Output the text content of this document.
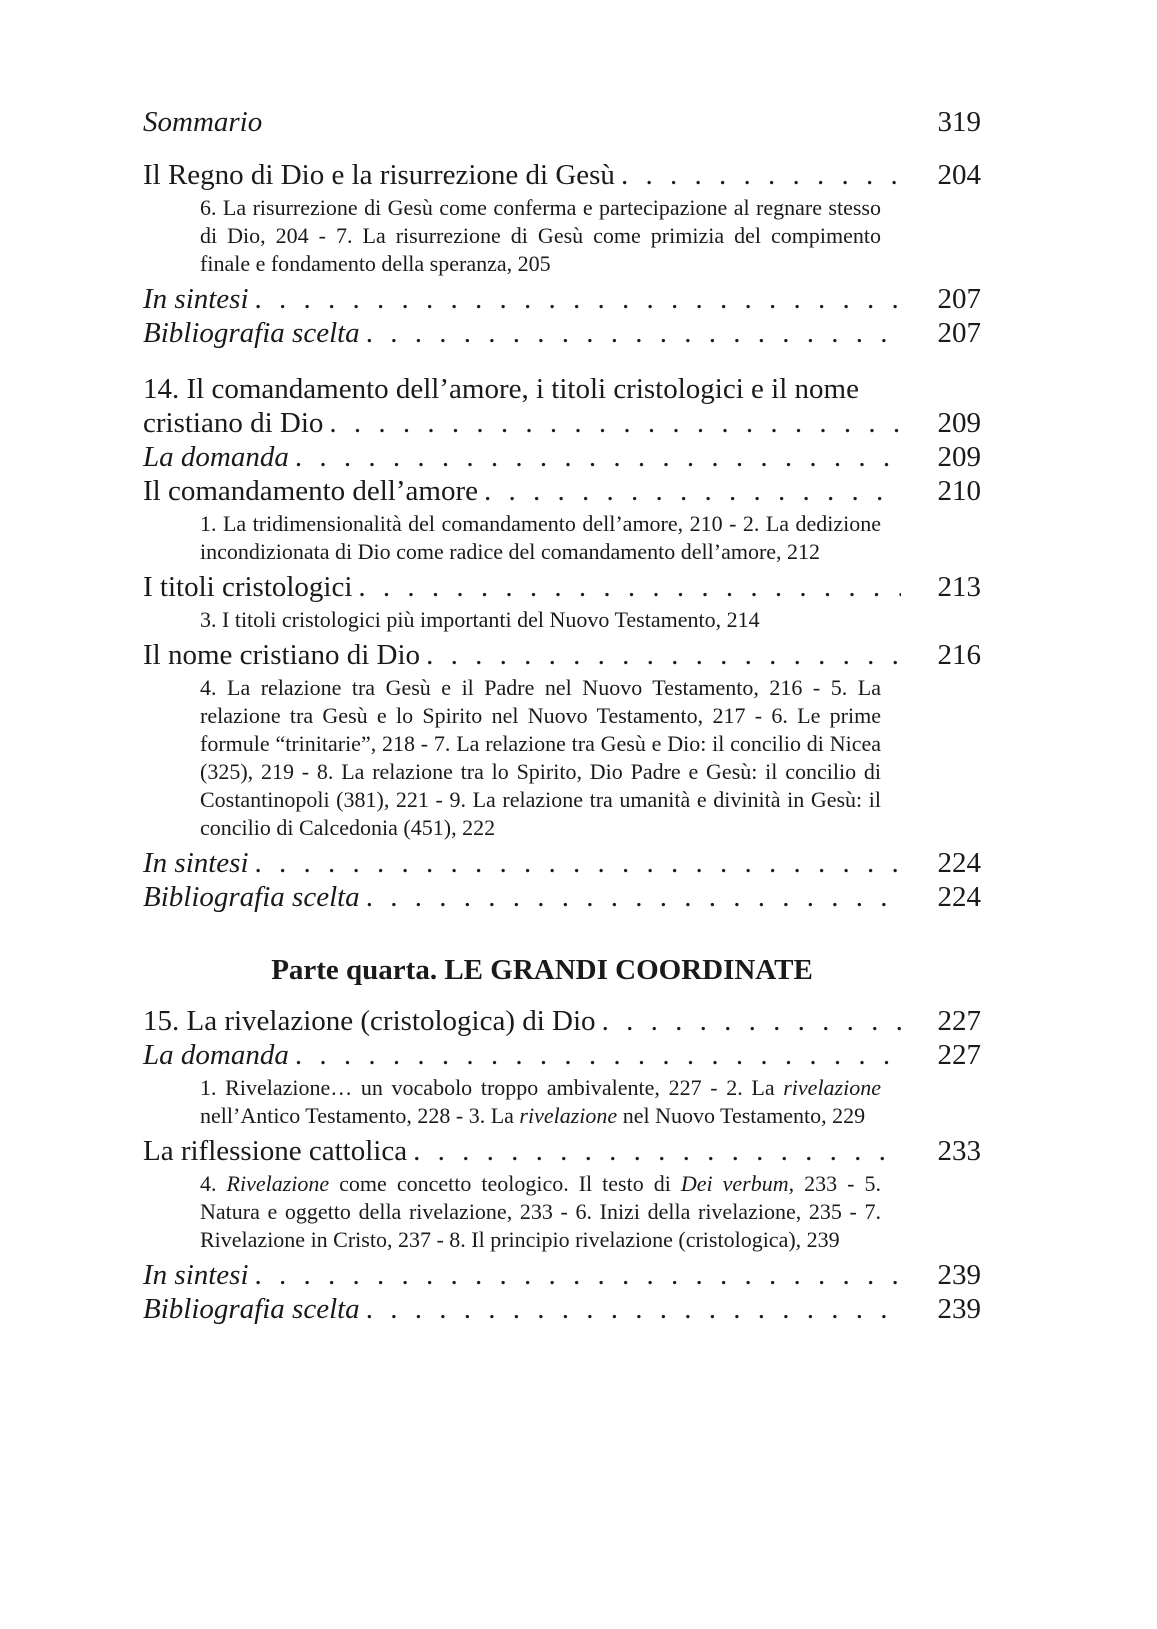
Sommario	319
Il Regno di Dio e la risurrezione di Gesù . . .	204
6. La risurrezione di Gesù come conferma e partecipazione al regnare stesso di Dio, 204 - 7. La risurrezione di Gesù come primizia del compimento finale e fondamento della speranza, 205
In sintesi . . .	207
Bibliografia scelta . . .	207
14. Il comandamento dell’amore, i titoli cristologici e il nome
cristiano di Dio . . .	209
La domanda . . .	209
Il comandamento dell’amore . . .	210
1. La tridimensionalità del comandamento dell’amore, 210 - 2. La dedizione incondizionata di Dio come radice del comandamento dell’amore, 212
I titoli cristologici . . .	213
3. I titoli cristologici più importanti del Nuovo Testamento, 214
Il nome cristiano di Dio . . .	216
4. La relazione tra Gesù e il Padre nel Nuovo Testamento, 216 - 5. La relazione tra Gesù e lo Spirito nel Nuovo Testamento, 217 - 6. Le prime formule “trinitarie”, 218 - 7. La relazione tra Gesù e Dio: il concilio di Nicea (325), 219 - 8. La relazione tra lo Spirito, Dio Padre e Gesù: il concilio di Costantinopoli (381), 221 - 9. La relazione tra umanità e divinità in Gesù: il concilio di Calcedonia (451), 222
In sintesi . . .	224
Bibliografia scelta . . .	224
Parte quarta. LE GRANDI COORDINATE
15. La rivelazione (cristologica) di Dio . . .	227
La domanda . . .	227
1. Rivelazione… un vocabolo troppo ambivalente, 227 - 2. La rivelazione nell’Antico Testamento, 228 - 3. La rivelazione nel Nuovo Testamento, 229
La riflessione cattolica . . .	233
4. Rivelazione come concetto teologico. Il testo di Dei verbum, 233 - 5. Natura e oggetto della rivelazione, 233 - 6. Inizi della rivelazione, 235 - 7. Rivelazione in Cristo, 237 - 8. Il principio rivelazione (cristologica), 239
In sintesi . . .	239
Bibliografia scelta . . .	239
